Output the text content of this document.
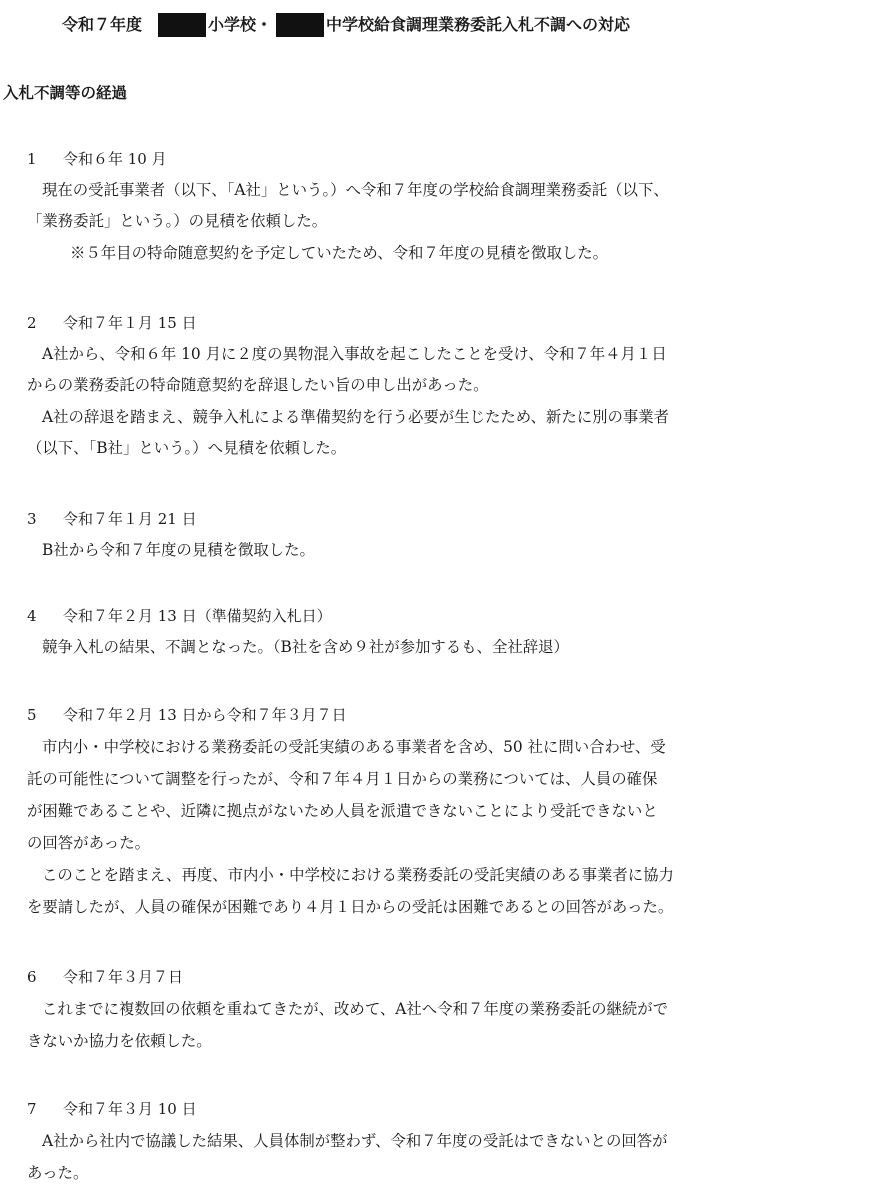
令和７年度	小学校・	中学校給食調理業務委託入札不調への対応
入札不調等の経過
1 令和６年 10 月
現在の受託事業者（以下、「A社」という。）へ令和７年度の学校給食調理業務委託（以下、
「業務委託」という。）の見積を依頼した。
※５年目の特命随意契約を予定していたため、令和７年度の見積を徴取した。
2 令和７年１月 15 日
A社から、令和６年 10 月に２度の異物混入事故を起こしたことを受け、令和７年４月１日
からの業務委託の特命随意契約を辞退したい旨の申し出があった。
A社の辞退を踏まえ、競争入札による準備契約を行う必要が生じたため、新たに別の事業者
（以下、「B社」という。）へ見積を依頼した。
3 令和７年１月 21 日
B社から令和７年度の見積を徴取した。
4 令和７年２月 13 日（準備契約入札日）
競争入札の結果、不調となった。（B社を含め９社が参加するも、全社辞退）
5 令和７年２月 13 日から令和７年３月７日
市内小・中学校における業務委託の受託実績のある事業者を含め、50 社に問い合わせ、受
託の可能性について調整を行ったが、令和７年４月１日からの業務については、人員の確保
が困難であることや、近隣に拠点がないため人員を派遣できないことにより受託できないと
の回答があった。
このことを踏まえ、再度、市内小・中学校における業務委託の受託実績のある事業者に協力
を要請したが、人員の確保が困難であり４月１日からの受託は困難であるとの回答があった。
6 令和７年３月７日
これまでに複数回の依頼を重ねてきたが、改めて、A社へ令和７年度の業務委託の継続がで
きないか協力を依頼した。
7 令和７年３月 10 日
A社から社内で協議した結果、人員体制が整わず、令和７年度の受託はできないとの回答が
あった。
